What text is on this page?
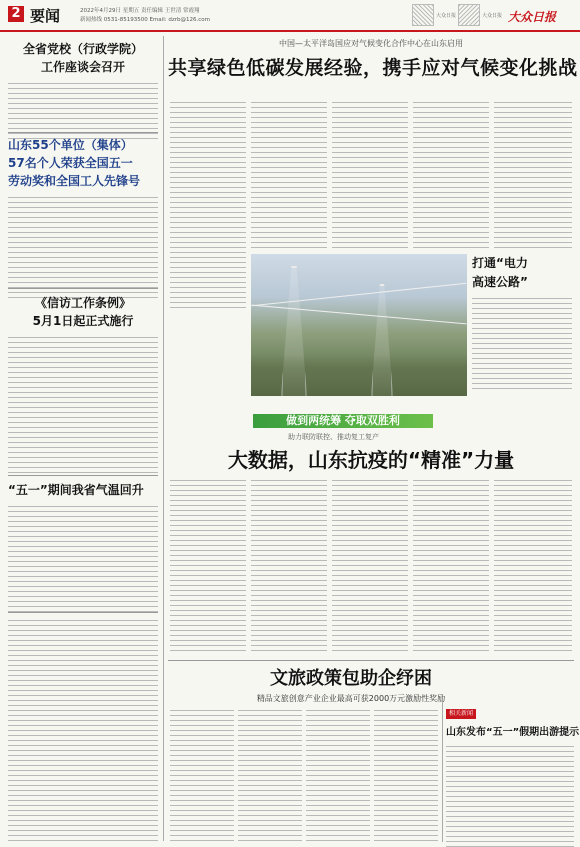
2 要闻	2022年4月29日 星期五 责任编辑 王世清 常霞翔
新闻热线 0531-85193500 Email: dzrb@126.com
大众日报	大众日报 大众日报
全省党校（行政学院）
工作座谈会召开
山东55个单位（集体）
57名个人荣获全国五一
劳动奖和全国工人先锋号
《信访工作条例》
5月1日起正式施行
“五一”期间我省气温回升
中国—太平洋岛国应对气候变化合作中心在山东启用
共享绿色低碳发展经验，携手应对气候变化挑战
打通“电力
高速公路”
做到两统筹 夺取双胜利
助力联防联控、推动复工复产
大数据，山东抗疫的“精准”力量
文旅政策包助企纾困
精品文旅创意产业企业最高可获2000万元激励性奖励
相关新闻
山东发布“五一”假期出游提示
